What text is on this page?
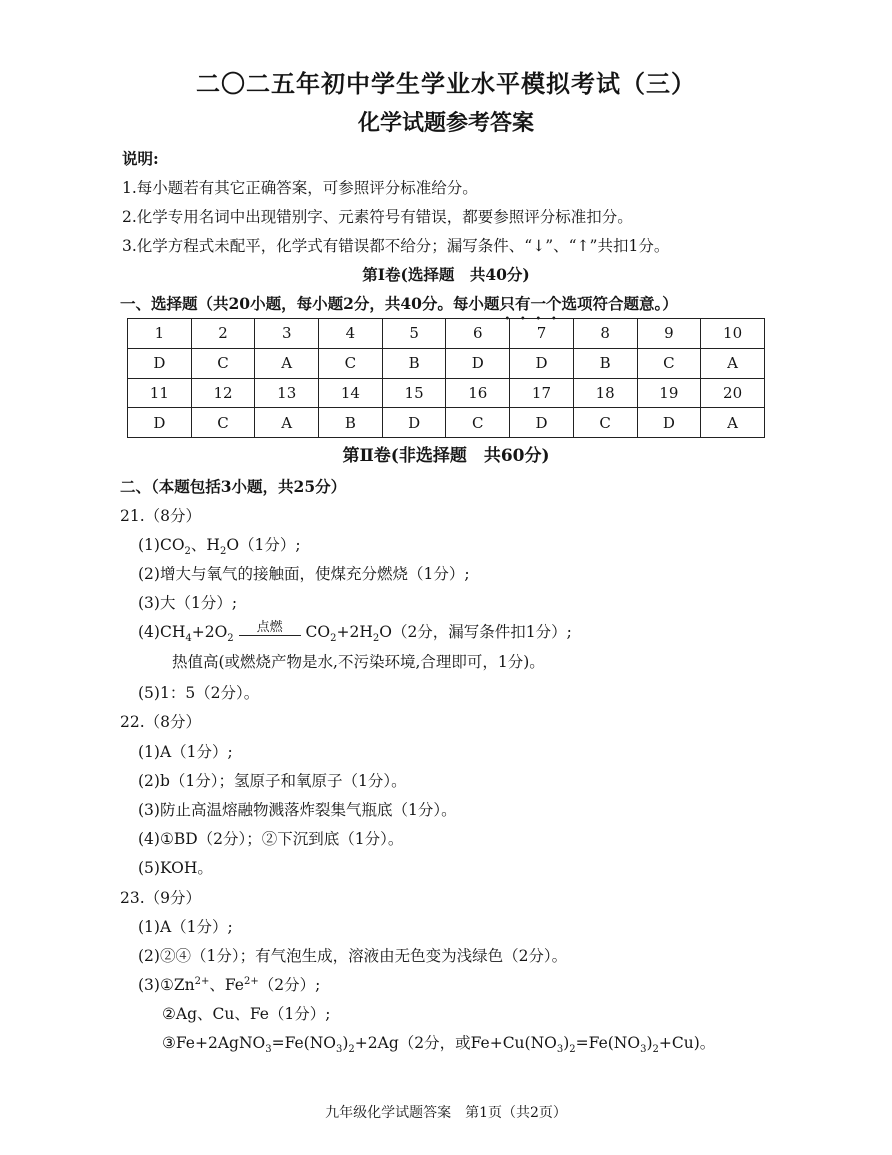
二〇二五年初中学生学业水平模拟考试（三）
化学试题参考答案
说明:
1.每小题若有其它正确答案，可参照评分标准给分。
2.化学专用名词中出现错别字、元素符号有错误，都要参照评分标准扣分。
3.化学方程式未配平，化学式有错误都不给分；漏写条件、“↓”、“↑”共扣1分。
第Ⅰ卷(选择题　共40分)
一、选择题（共20小题，每小题2分，共40分。每小题只有一个选项符合题意。）
1	2	3	4	5	6	7	8	9	10
D	C	A	C	B	D	D	B	C	A
11	12	13	14	15	16	17	18	19	20
D	C	A	B	D	C	D	C	D	A
第Ⅱ卷(非选择题　共60分)
二、（本题包括3小题，共25分）
21.（8分）
$(1)CO_2$、$H_2O(1$分）;
(2)增大与氧气的接触面，使煤充分燃烧（1分）;
(3)大（1分）;
$(4)CH_4+2O_2$
点燃	$CO_2+2H_2O(2$分，漏写条件扣1分）;
热值高(或燃烧产物是水,不污染环境,合理即可，1分)。
(5)1：5（2分）。
22.（8分）
(1)A（1分）;
(2)b（1分）；氢原子和氧原子（1分）。
(3)防止高温熔融物溅落炸裂集气瓶底（1分）。
(4)①BD（2分）；②下沉到底（1分）。
(5)KOH。
23.（9分）
(1)A（1分）;
(2)②④（1分）；有气泡生成，溶液由无色变为浅绿色（2分）。
$(3)①Zn^{2+}$、$Fe^{2+}(2$分）;
②Ag、Cu、Fe（1分）;
$③Fe+2AgNO_3=Fe(NO_3)_2+2Ag(2$分，或$Fe+Cu(NO_3)_2=Fe(NO_3)_2+Cu$)。
九年级化学试题答案　第1页（共2页）
